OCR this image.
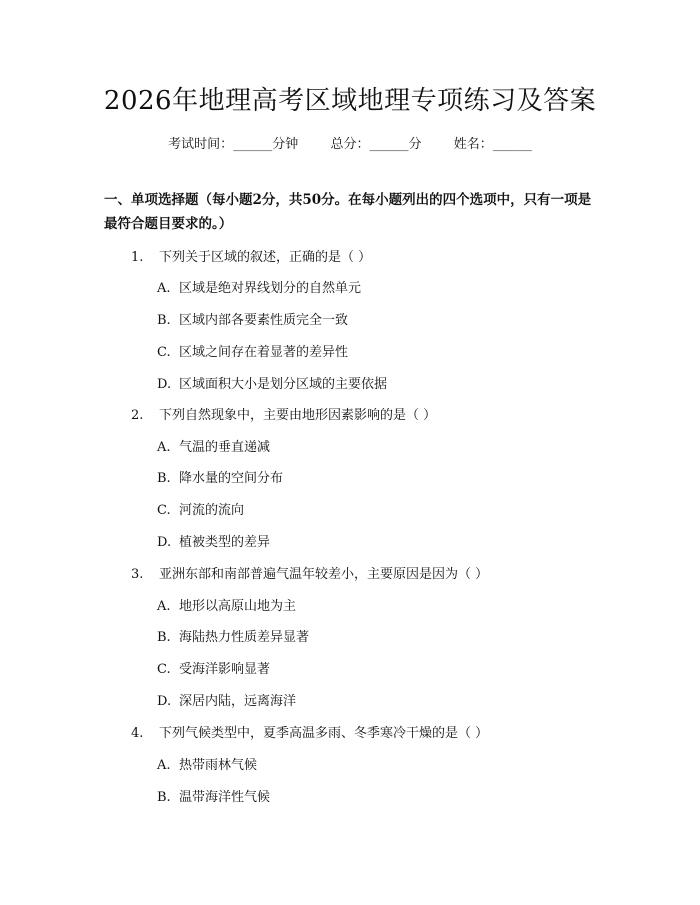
2026年地理高考区域地理专项练习及答案
考试时间：______分钟 总分：______分 姓名：______
一、单项选择题（每小题2分，共50分。在每小题列出的四个选项中，只有一项是最符合题目要求的。）
1. 下列关于区域的叙述，正确的是（ ）
A. 区域是绝对界线划分的自然单元
B. 区域内部各要素性质完全一致
C. 区域之间存在着显著的差异性
D. 区域面积大小是划分区域的主要依据
2. 下列自然现象中，主要由地形因素影响的是（ ）
A. 气温的垂直递减
B. 降水量的空间分布
C. 河流的流向
D. 植被类型的差异
3. 亚洲东部和南部普遍气温年较差小，主要原因是因为（ ）
A. 地形以高原山地为主
B. 海陆热力性质差异显著
C. 受海洋影响显著
D. 深居内陆，远离海洋
4. 下列气候类型中，夏季高温多雨、冬季寒冷干燥的是（ ）
A. 热带雨林气候
B. 温带海洋性气候
